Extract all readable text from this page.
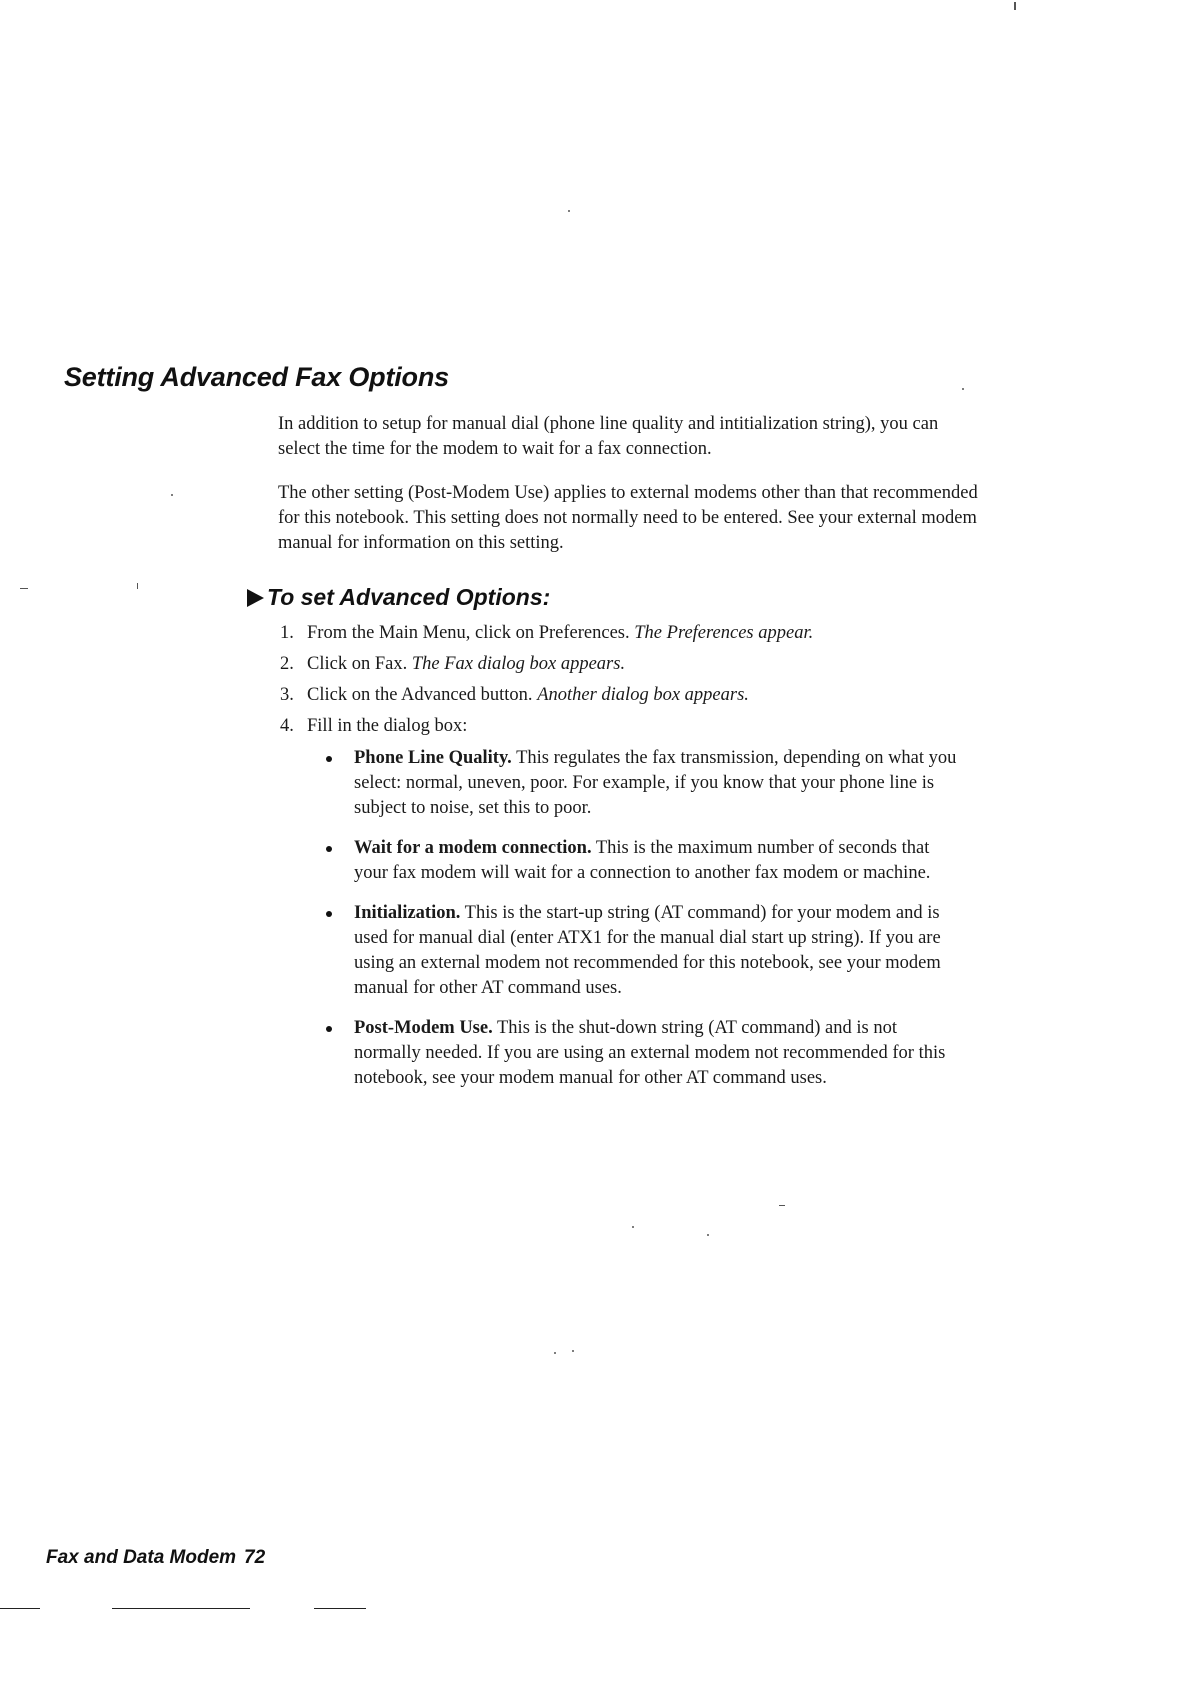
Setting Advanced Fax Options

In addition to setup for manual dial (phone line quality and intitialization string), you can select the time for the modem to wait for a fax connection.

The other setting (Post-Modem Use) applies to external modems other than that recommended for this notebook. This setting does not normally need to be entered. See your external modem manual for information on this setting.

To set Advanced Options:
1. From the Main Menu, click on Preferences. The Preferences appear.
2. Click on Fax. The Fax dialog box appears.
3. Click on the Advanced button. Another dialog box appears.
4. Fill in the dialog box:
Phone Line Quality. This regulates the fax transmission, depending on what you select: normal, uneven, poor. For example, if you know that your phone line is subject to noise, set this to poor.
Wait for a modem connection. This is the maximum number of seconds that your fax modem will wait for a connection to another fax modem or machine.
Initialization. This is the start-up string (AT command) for your modem and is used for manual dial (enter ATX1 for the manual dial start up string). If you are using an external modem not recommended for this notebook, see your modem manual for other AT command uses.
Post-Modem Use. This is the shut-down string (AT command) and is not normally needed. If you are using an external modem not recommended for this notebook, see your modem manual for other AT command uses.
Fax and Data Modem 72
